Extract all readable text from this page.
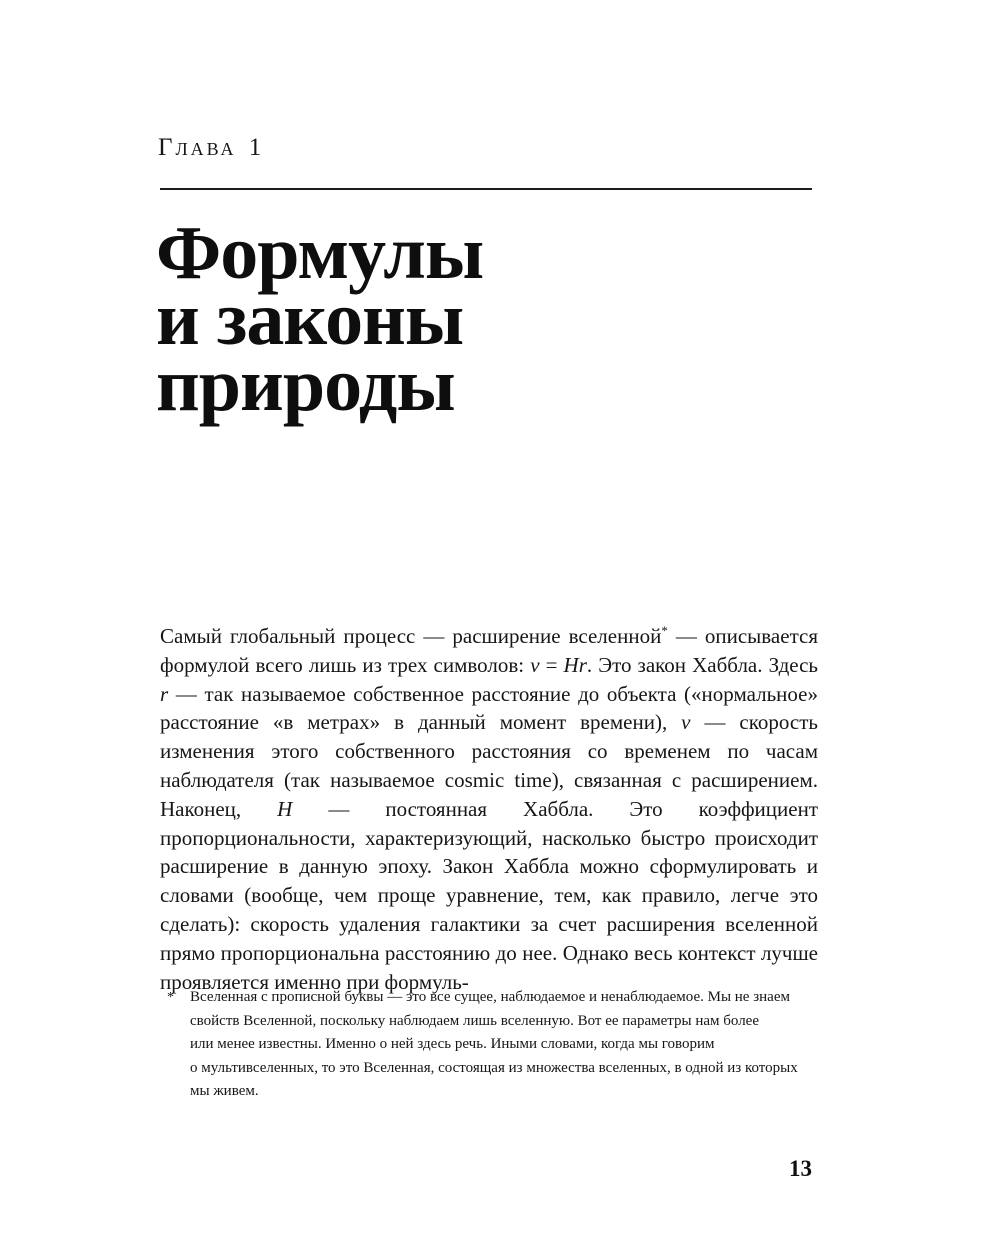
Глава 1
Формулы
и законы
природы

Самый глобальный процесс — расширение вселенной* — описывается формулой всего лишь из трех символов: v = Hr. Это закон Хаббла. Здесь r — так называемое собственное расстояние до объекта («нормальное» расстояние «в метрах» в данный момент времени), v — скорость изменения этого собственного расстояния со временем по часам наблюдателя (так называемое cosmic time), связанная с расширением. Наконец, H — постоянная Хаббла. Это коэффициент пропорциональности, характеризующий, насколько быстро происходит расширение в данную эпоху. Закон Хаббла можно сформулировать и словами (вообще, чем проще уравнение, тем, как правило, легче это сделать): скорость удаления галактики за счет расширения вселенной прямо пропорциональна расстоянию до нее. Однако весь контекст лучше проявляется именно при формуль-

*	Вселенная с прописной буквы — это все сущее, наблюдаемое и ненаблюдаемое. Мы не знаем
свойств Вселенной, поскольку наблюдаем лишь вселенную. Вот ее параметры нам более
или менее известны. Именно о ней здесь речь. Иными словами, когда мы говорим
о мультивселенных, то это Вселенная, состоящая из множества вселенных, в одной из которых
мы живем.
13
